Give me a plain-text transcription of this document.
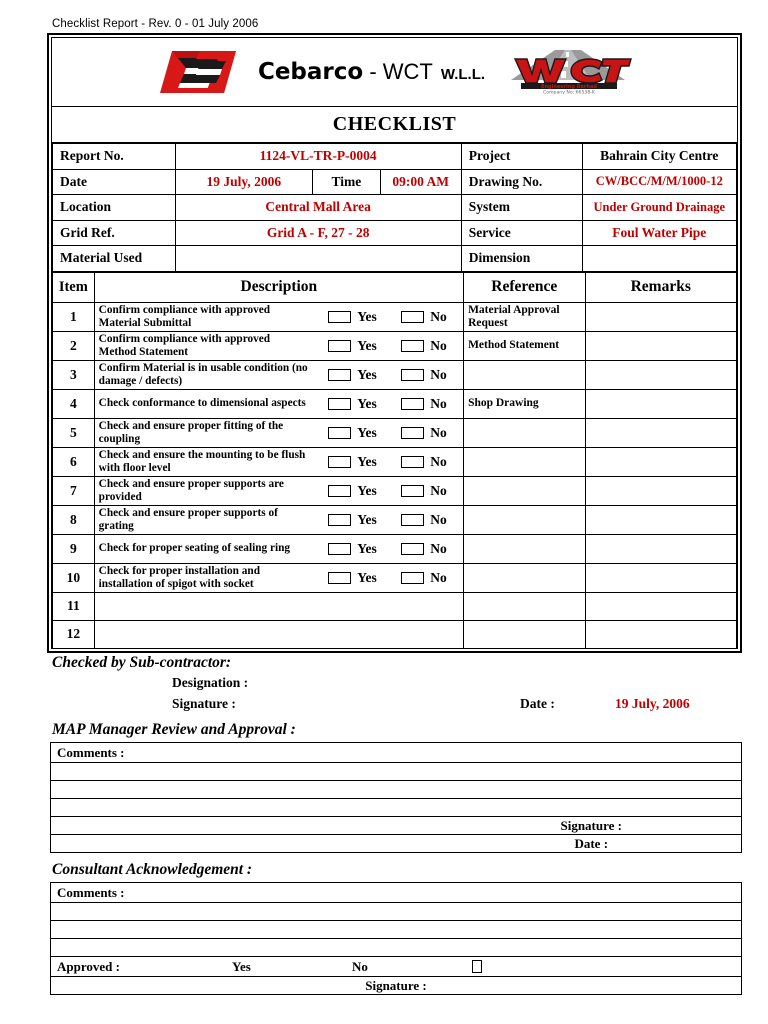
Checklist Report - Rev. 0 - 01 July 2006
Cebarco - WCT W.L.L.
Engineering Berhad
Company No: 66538-K
CHECKLIST
Report No.	1124-VL-TR-P-0004			Project	Bahrain City Centre
Date	19 July, 2006	Time	09:00 AM	Drawing No.	CW/BCC/M/M/1000-12
Location	Central Mall Area			System	Under Ground Drainage
Grid Ref.	Grid A - F, 27 - 28			Service	Foul Water Pipe
Material Used				Dimension	
Item	Description		Reference	Remarks
1	Confirm compliance with approved Material Submittal	Yes No	Material Approval Request	
2	Confirm compliance with approved Method Statement	Yes No	Method Statement	
3	Confirm Material is in usable condition (no damage / defects)	Yes No		

4	Check conformance to dimensional aspects	Yes No	Shop Drawing	
5	Check and ensure proper fitting of the coupling	Yes No		

6	Check and ensure the mounting to be flush with floor level	Yes No		

7	Check and ensure proper supports are provided	Yes No		

8	Check and ensure proper supports of grating	Yes No		

9	Check for proper seating of sealing ring	Yes No		

10	Check for proper installation and installation of spigot with socket	Yes No		

11				
12				
Checked by Sub-contractor:
Designation :
Signature :	Date :	19 July, 2006
MAP Manager Review and Approval :
Comments :	

	Signature :
	Date :
Consultant Acknowledgement :
Comments :

Approved :	Yes	No

Signature :
